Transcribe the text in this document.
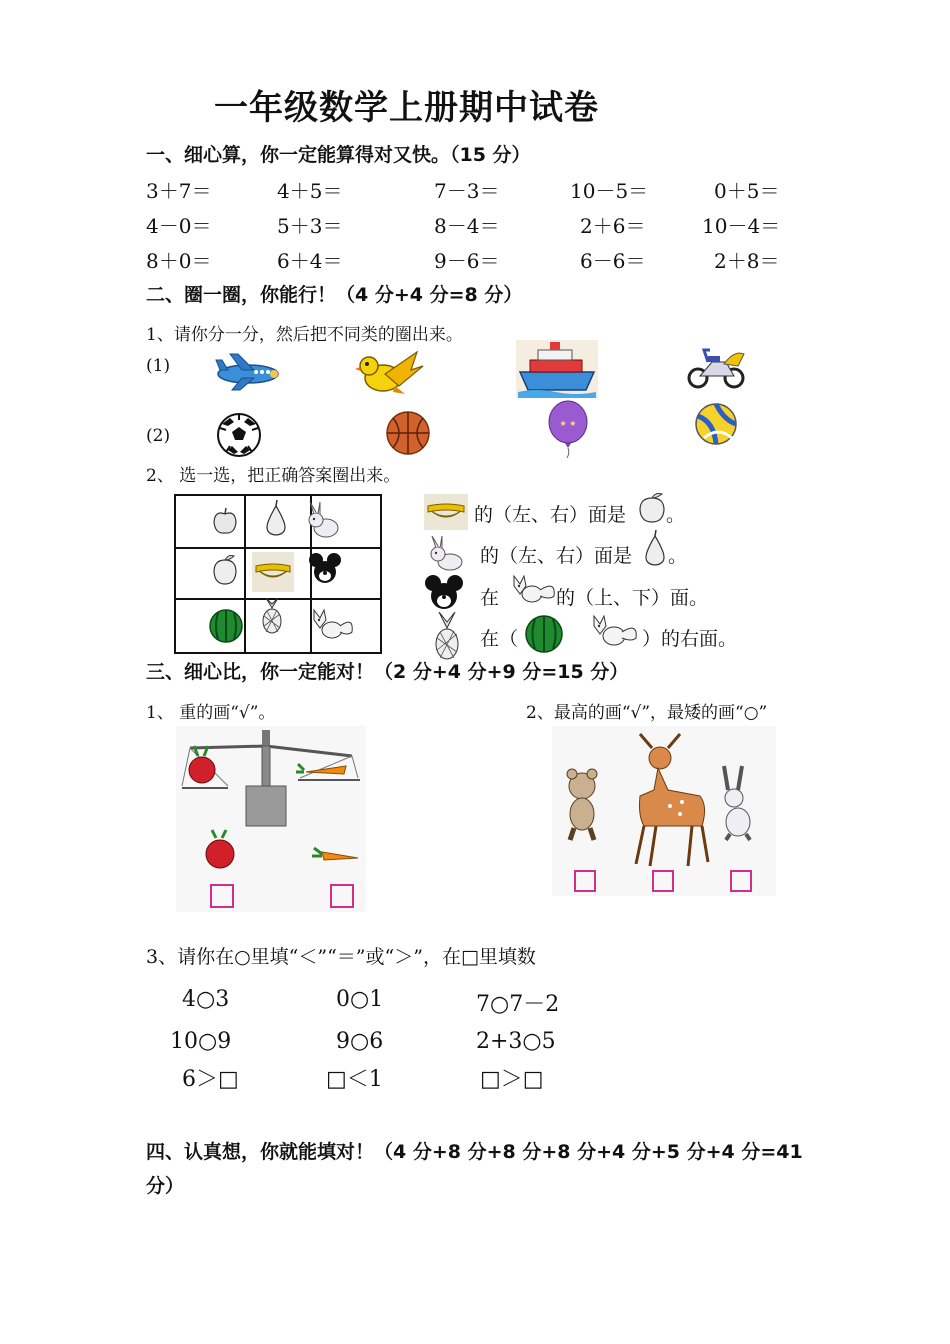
一年级数学上册期中试卷
一、细心算，你一定能算得对又快。（15 分）
3＋7＝	4＋5＝	7－3＝	10－5＝	0＋5＝
4－0＝	5＋3＝	8－4＝	2＋6＝	10－4＝
8＋0＝	6＋4＝	9－6＝	6－6＝	2＋8＝
二、圈一圈，你能行！（4 分+4 分=8 分）
1、请你分一分，然后把不同类的圈出来。
(1)
(2)
★ ★
2、 选一选，把正确答案圈出来。
的（左、右）面是 。
的（左、右）面是 。
在	的（上、下）面。
在（	）的右面。
三、细心比，你一定能对！（2 分+4 分+9 分=15 分）
1、 重的画“√”。	2、最高的画“√”，最矮的画“○”
3、请你在○里填“＜”“＝”或“＞”，在□里填数
4○3	0○1	7○7－2
10○9	9○6	2+3○5
6＞□	□＜1	□＞□
四、认真想，你就能填对！（4 分+8 分+8 分+8 分+4 分+5 分+4 分=41
分）
